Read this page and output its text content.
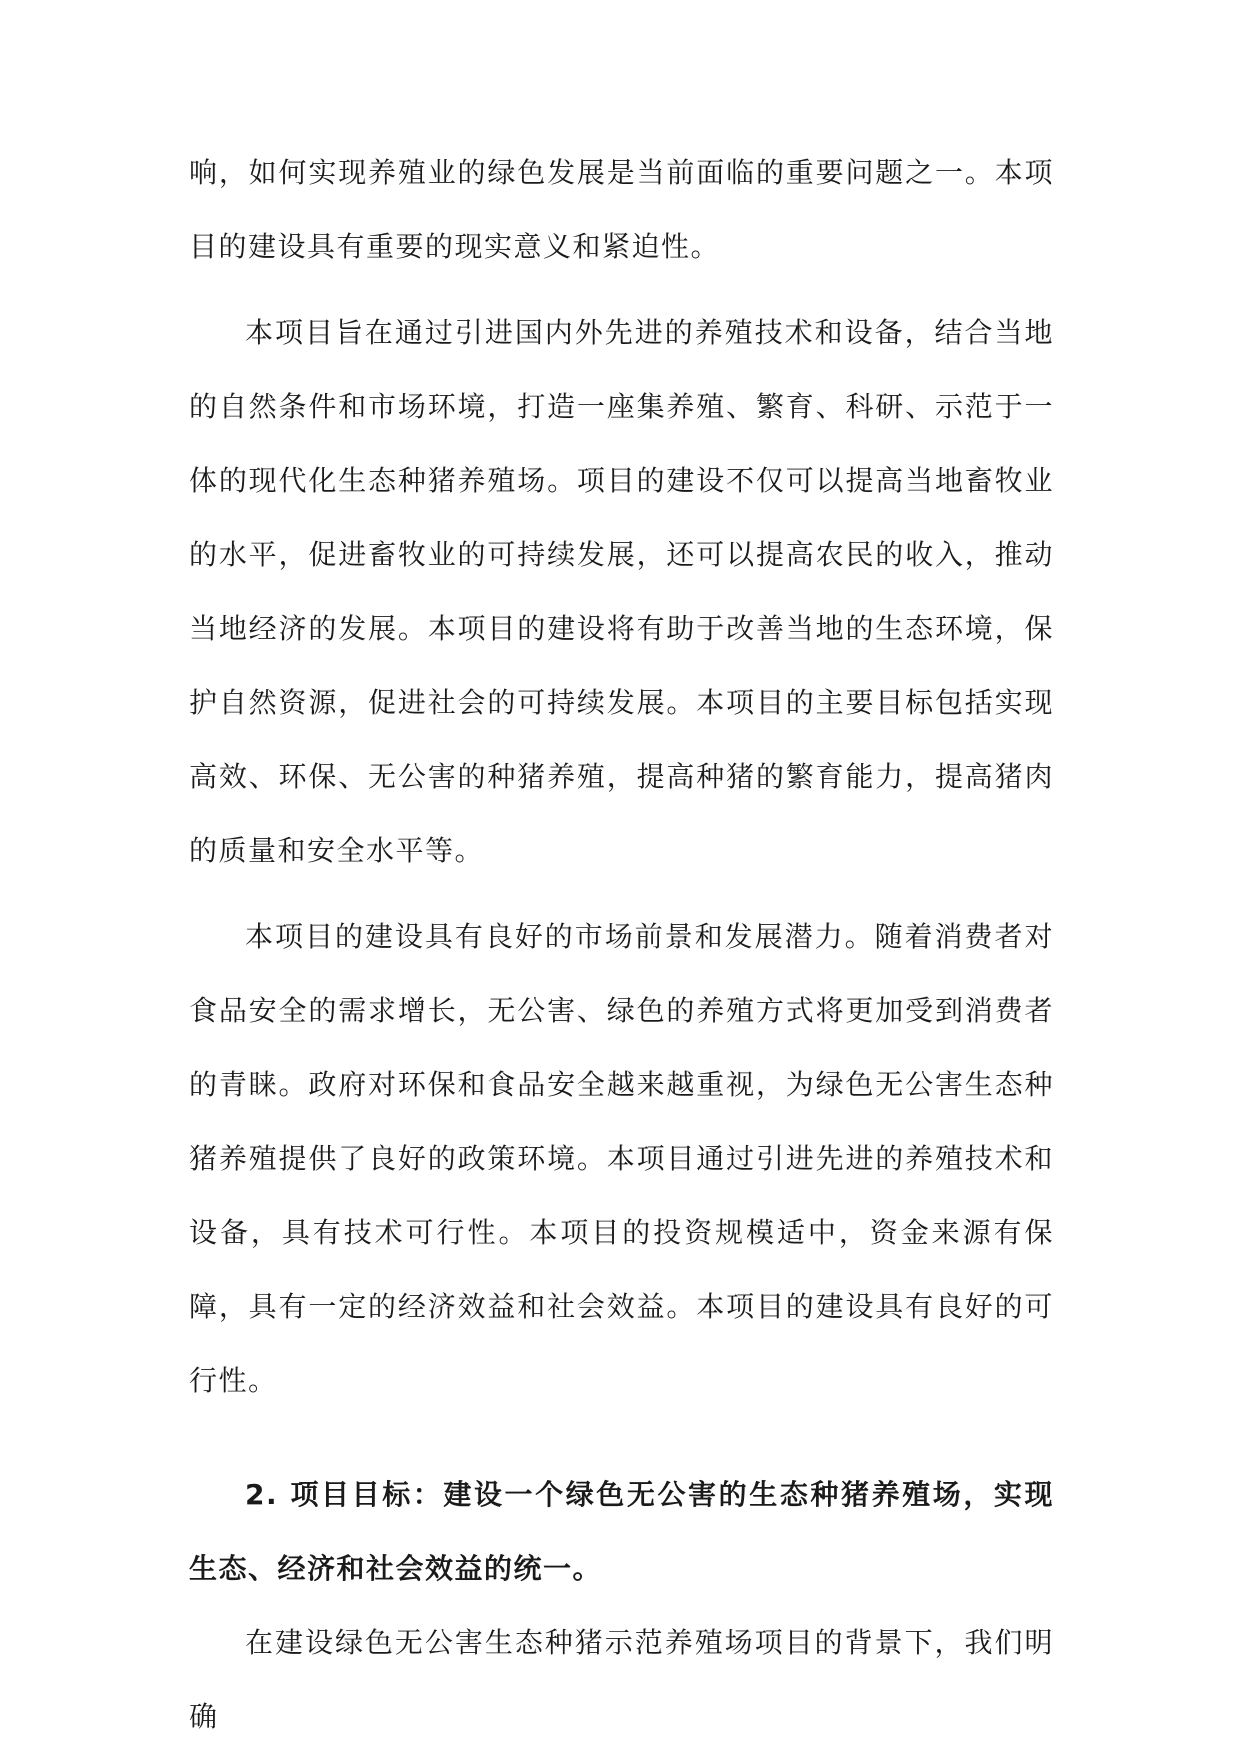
响，如何实现养殖业的绿色发展是当前面临的重要问题之一。本项目的建设具有重要的现实意义和紧迫性。

本项目旨在通过引进国内外先进的养殖技术和设备，结合当地的自然条件和市场环境，打造一座集养殖、繁育、科研、示范于一体的现代化生态种猪养殖场。项目的建设不仅可以提高当地畜牧业的水平，促进畜牧业的可持续发展，还可以提高农民的收入，推动当地经济的发展。本项目的建设将有助于改善当地的生态环境，保护自然资源，促进社会的可持续发展。本项目的主要目标包括实现高效、环保、无公害的种猪养殖，提高种猪的繁育能力，提高猪肉的质量和安全水平等。

本项目的建设具有良好的市场前景和发展潜力。随着消费者对食品安全的需求增长，无公害、绿色的养殖方式将更加受到消费者的青睐。政府对环保和食品安全越来越重视，为绿色无公害生态种猪养殖提供了良好的政策环境。本项目通过引进先进的养殖技术和设备，具有技术可行性。本项目的投资规模适中，资金来源有保障，具有一定的经济效益和社会效益。本项目的建设具有良好的可行性。

2. 项目目标：建设一个绿色无公害的生态种猪养殖场，实现生态、经济和社会效益的统一。

在建设绿色无公害生态种猪示范养殖场项目的背景下，我们明确
